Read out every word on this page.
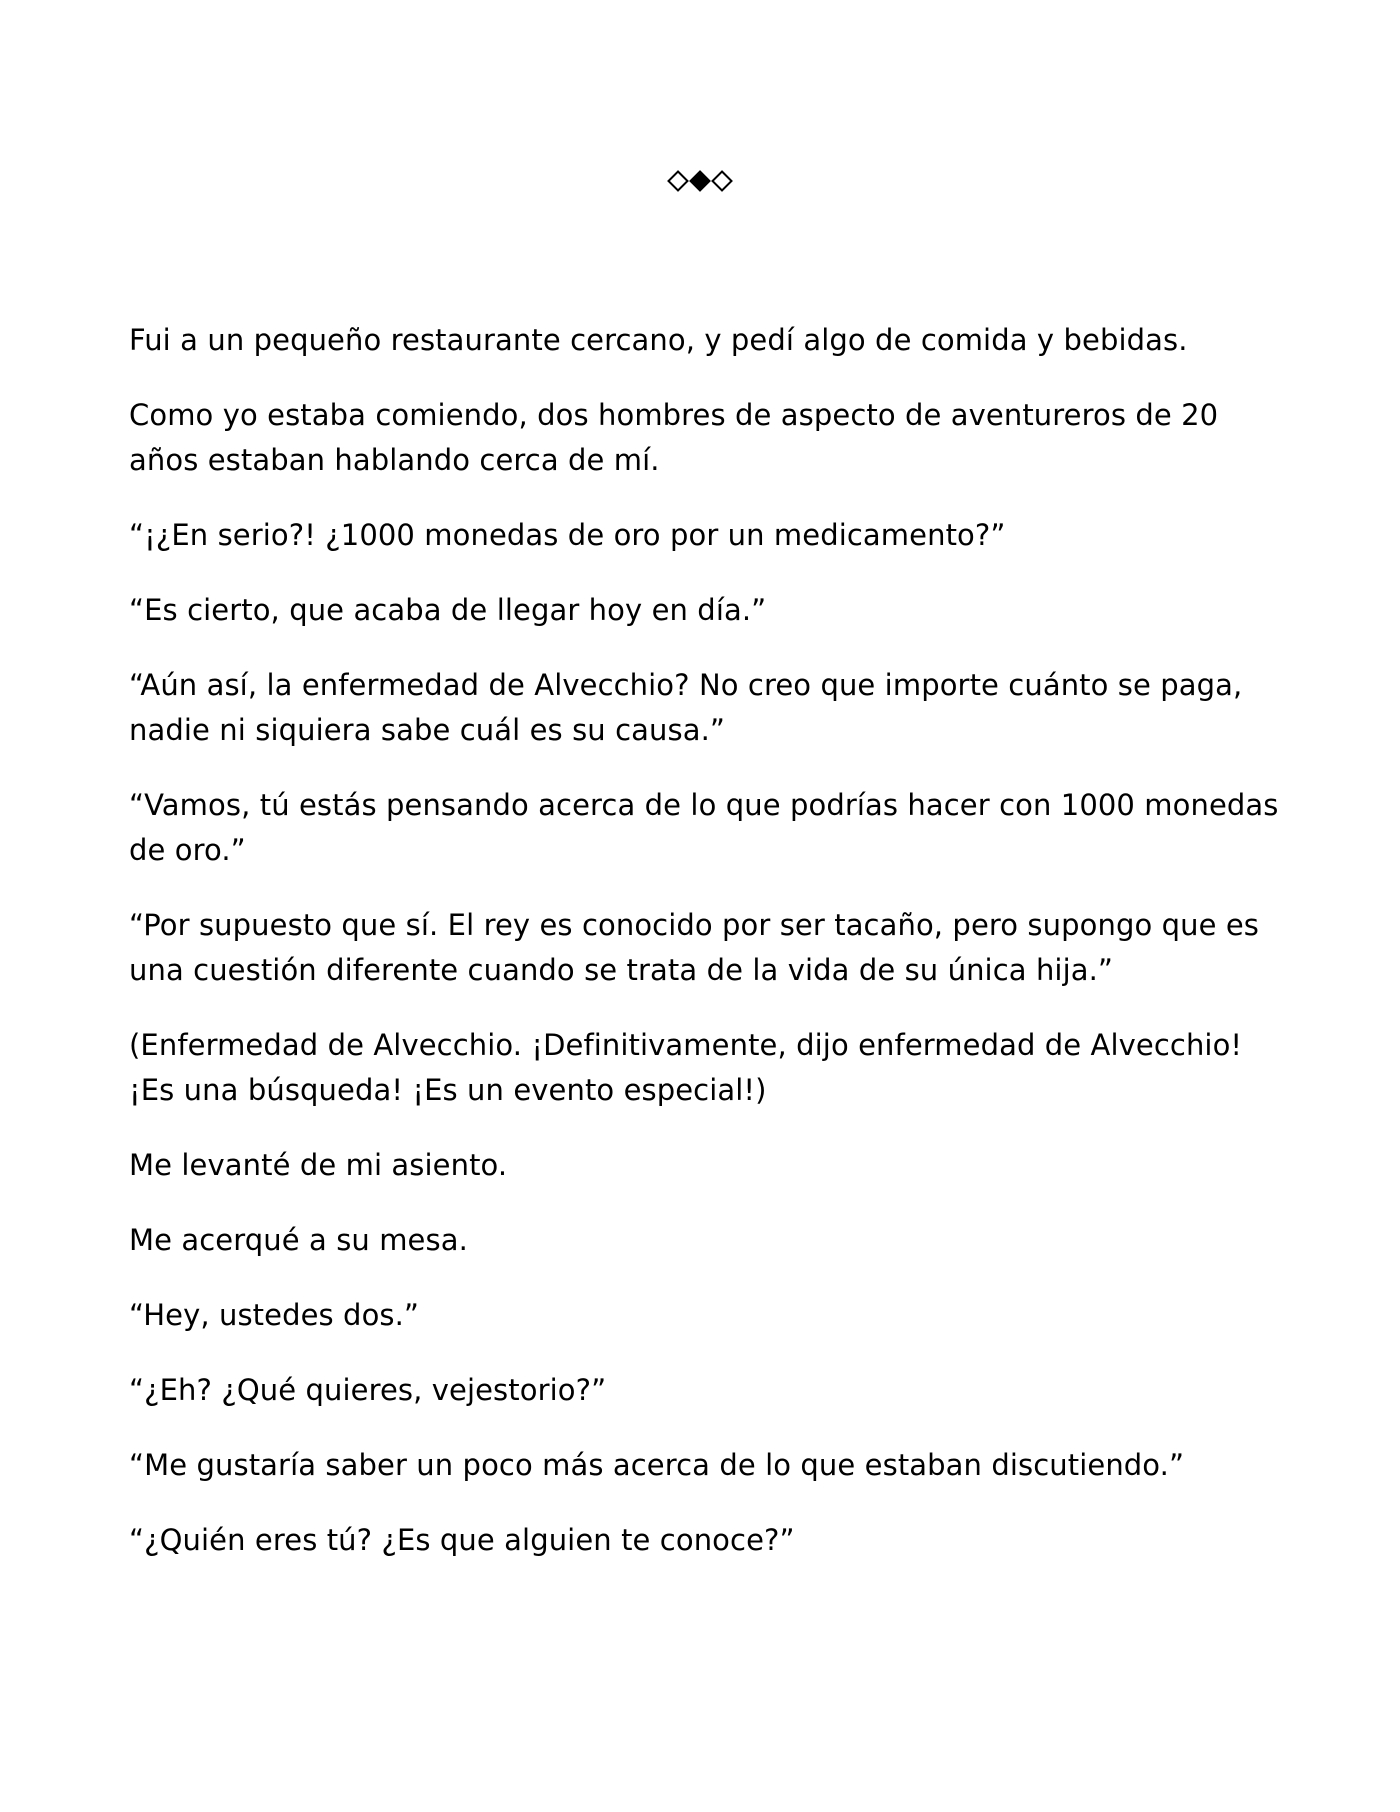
Fui a un pequeño restaurante cercano, y pedí algo de comida y bebidas.

Como yo estaba comiendo, dos hombres de aspecto de aventureros de 20 años estaban hablando cerca de mí.

“¡¿En serio?! ¿1000 monedas de oro por un medicamento?”

“Es cierto, que acaba de llegar hoy en día.”

“Aún así, la enfermedad de Alvecchio? No creo que importe cuánto se paga, nadie ni siquiera sabe cuál es su causa.”

“Vamos, tú estás pensando acerca de lo que podrías hacer con 1000 monedas de oro.”

“Por supuesto que sí. El rey es conocido por ser tacaño, pero supongo que es una cuestión diferente cuando se trata de la vida de su única hija.”

(Enfermedad de Alvecchio. ¡Definitivamente, dijo enfermedad de Alvecchio! ¡Es una búsqueda! ¡Es un evento especial!)

Me levanté de mi asiento.

Me acerqué a su mesa.

“Hey, ustedes dos.”

“¿Eh? ¿Qué quieres, vejestorio?”

“Me gustaría saber un poco más acerca de lo que estaban discutiendo.”

“¿Quién eres tú? ¿Es que alguien te conoce?”
